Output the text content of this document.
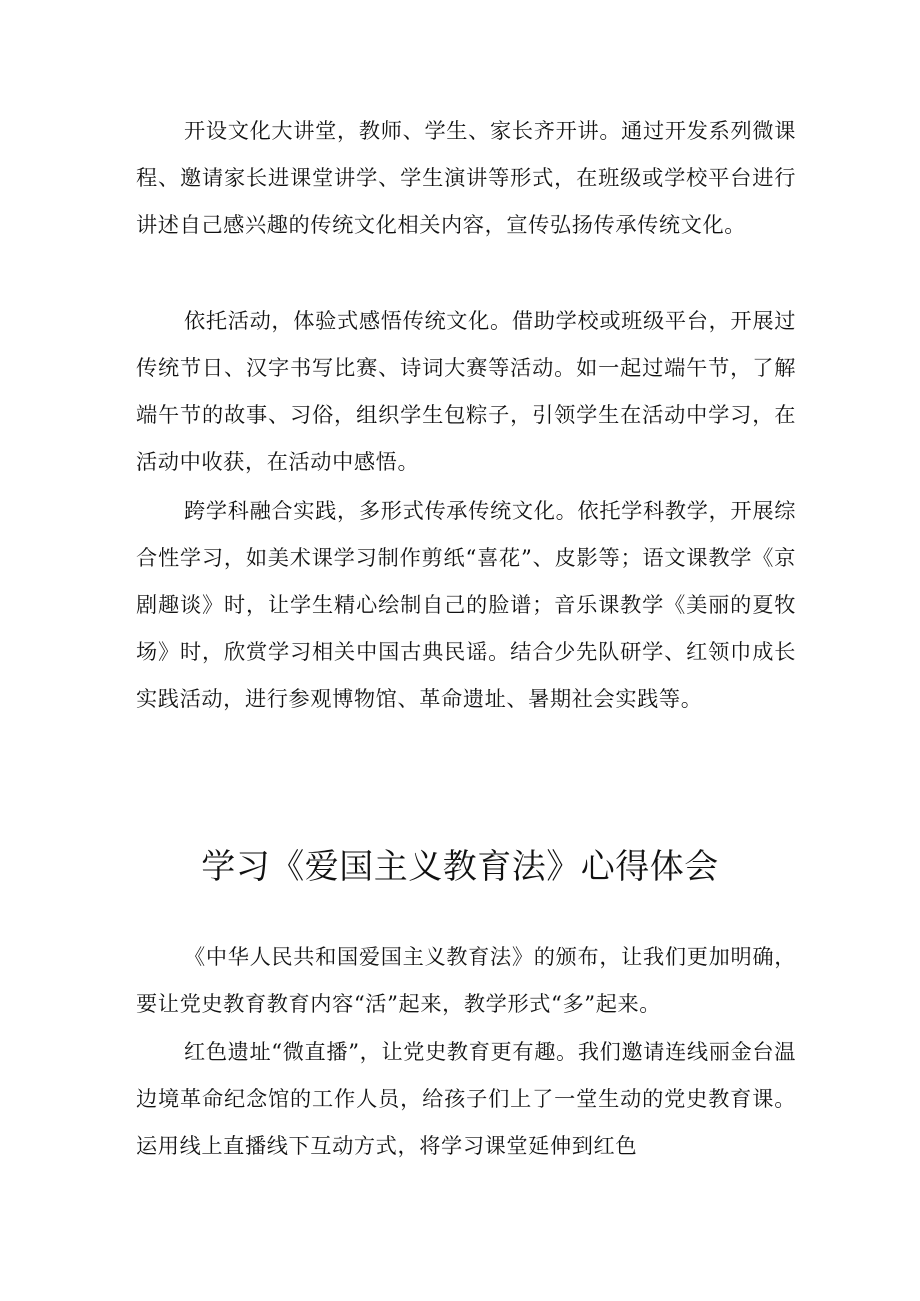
开设文化大讲堂，教师、学生、家长齐开讲。通过开发系列微课程、邀请家长进课堂讲学、学生演讲等形式，在班级或学校平台进行讲述自己感兴趣的传统文化相关内容，宣传弘扬传承传统文化。

依托活动，体验式感悟传统文化。借助学校或班级平台，开展过传统节日、汉字书写比赛、诗词大赛等活动。如一起过端午节，了解端午节的故事、习俗，组织学生包粽子，引领学生在活动中学习，在活动中收获，在活动中感悟。

跨学科融合实践，多形式传承传统文化。依托学科教学，开展综合性学习，如美术课学习制作剪纸“喜花”、皮影等；语文课教学《京剧趣谈》时，让学生精心绘制自己的脸谱；音乐课教学《美丽的夏牧场》时，欣赏学习相关中国古典民谣。结合少先队研学、红领巾成长实践活动，进行参观博物馆、革命遗址、暑期社会实践等。

学习《爱国主义教育法》心得体会

《中华人民共和国爱国主义教育法》的颁布，让我们更加明确，要让党史教育教育内容“活”起来，教学形式“多”起来。

红色遗址“微直播”，让党史教育更有趣。我们邀请连线丽金台温边境革命纪念馆的工作人员，给孩子们上了一堂生动的党史教育课。运用线上直播线下互动方式，将学习课堂延伸到红色
